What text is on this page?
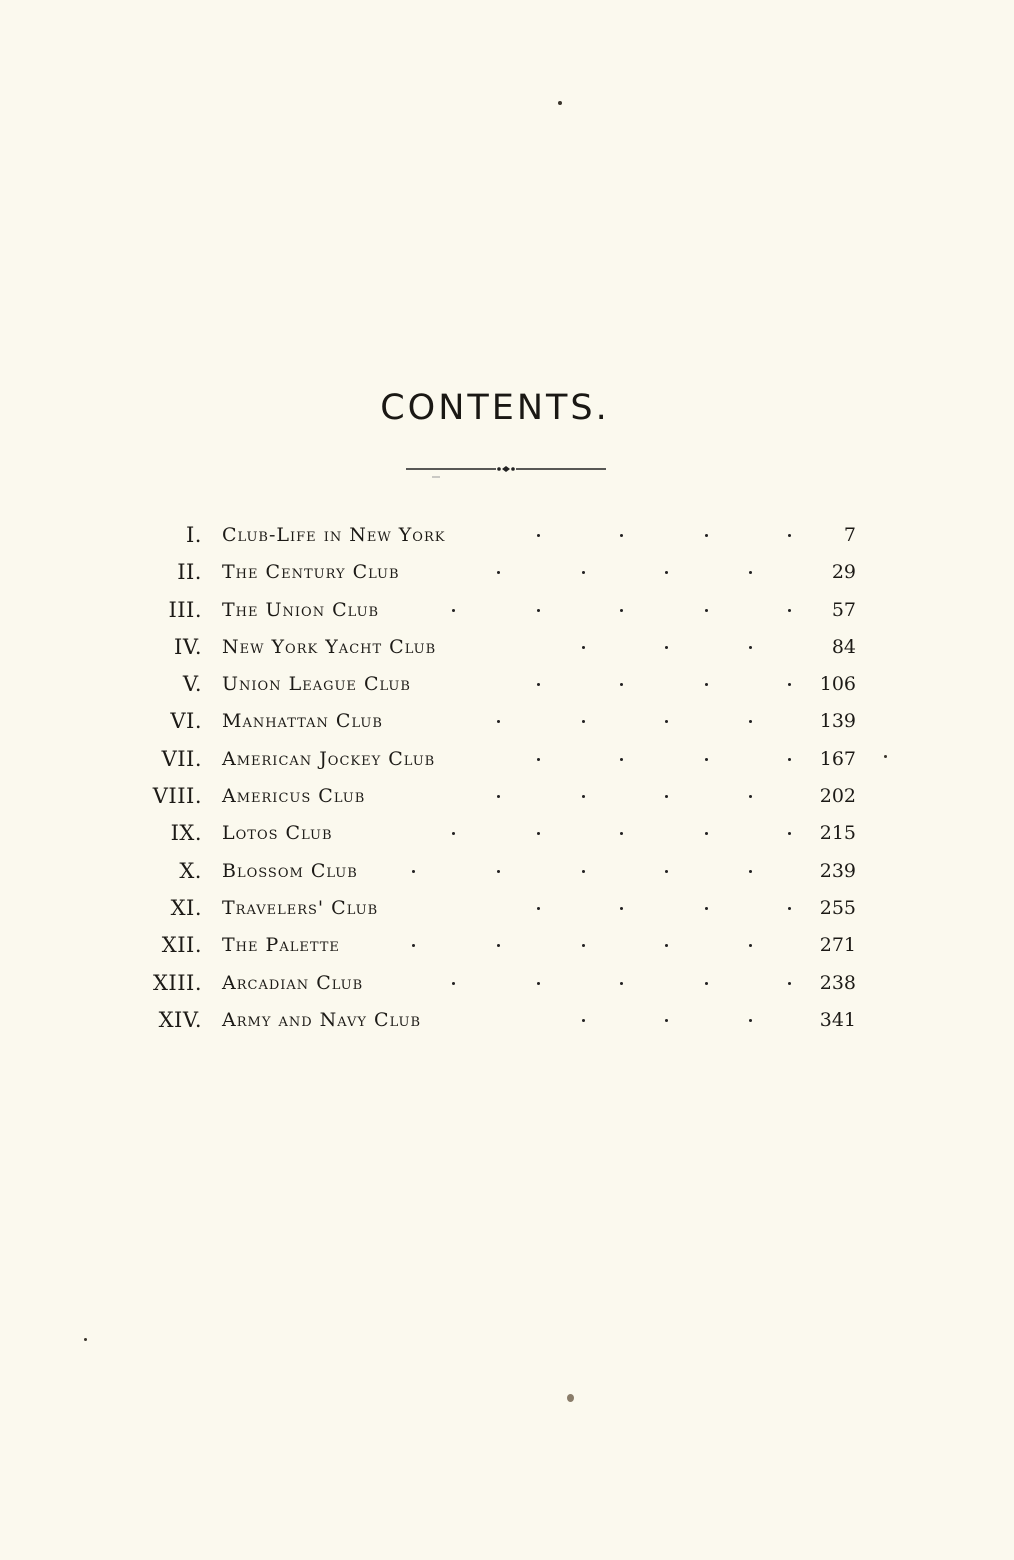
CONTENTS.
I. Club-Life in New York	7
II. The Century Club	29
III. The Union Club	57
IV. New York Yacht Club	84
V. Union League Club	106
VI. Manhattan Club	139
VII. American Jockey Club	167
VIII. Americus Club	202
IX. Lotos Club	215
X. Blossom Club	239
XI. Travelers' Club	255
XII. The Palette	271
XIII. Arcadian Club	238
XIV. Army and Navy Club	341
